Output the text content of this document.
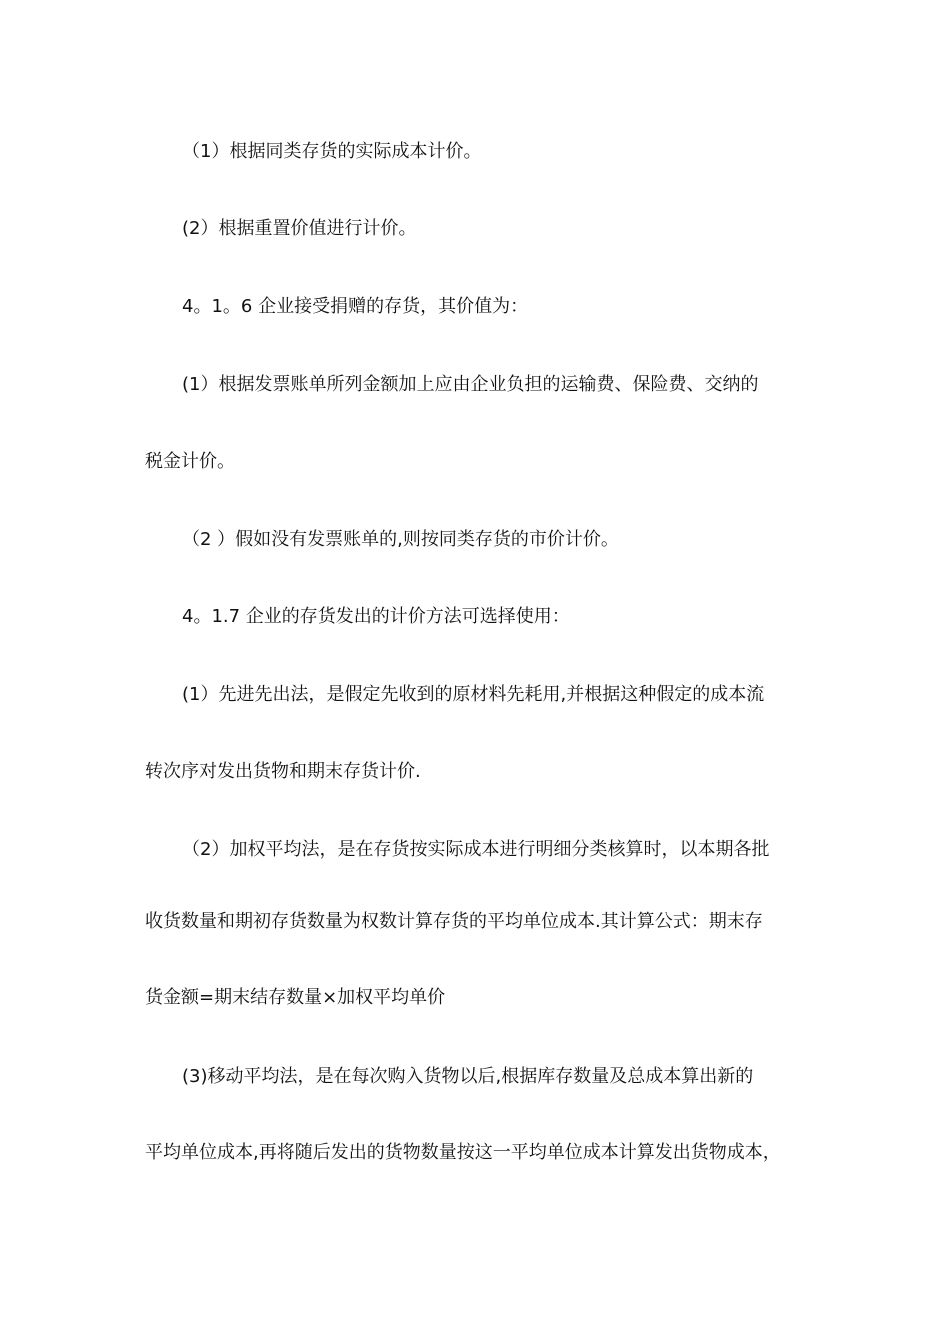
（1）根据同类存货的实际成本计价。
(2）根据重置价值进行计价。
4。1。6 企业接受捐赠的存货，其价值为：
(1）根据发票账单所列金额加上应由企业负担的运输费、保险费、交纳的
税金计价。
（2 ）假如没有发票账单的,则按同类存货的市价计价。
4。1.7 企业的存货发出的计价方法可选择使用：
(1）先进先出法，是假定先收到的原材料先耗用,并根据这种假定的成本流
转次序对发出货物和期末存货计价.
（2）加权平均法，是在存货按实际成本进行明细分类核算时，以本期各批
收货数量和期初存货数量为权数计算存货的平均单位成本.其计算公式：期末存
货金额=期末结存数量×加权平均单价
(3)移动平均法，是在每次购入货物以后,根据库存数量及总成本算出新的
平均单位成本,再将随后发出的货物数量按这一平均单位成本计算发出货物成本，
